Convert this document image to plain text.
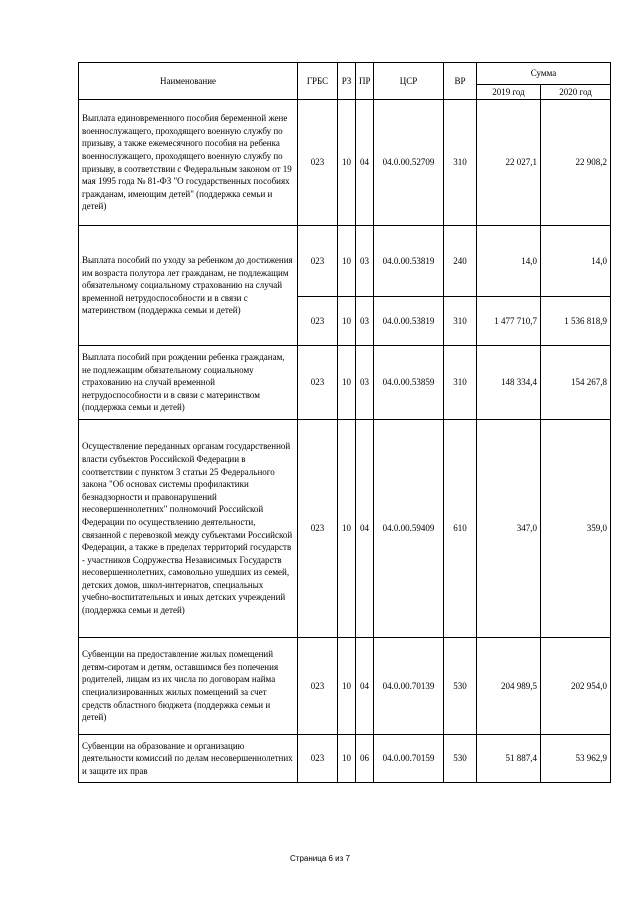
Наименование	ГРБС	РЗ	ПР	ЦСР	ВР	Сумма	
						2019 год	2020 год
Выплата единовременного пособия беременной жене военнослужащего, проходящего военную службу по призыву, а также ежемесячного пособия на ребенка военнослужащего, проходящего военную службу по призыву, в соответствии с Федеральным законом от 19 мая 1995 года № 81-ФЗ "О государственных пособиях гражданам, имеющим детей" (поддержка семьи и детей)	023	10	04	04.0.00.52709	310	22 027,1	22 908,2
Выплата пособий по уходу за ребенком до достижения им возраста полутора лет гражданам, не подлежащим обязательному социальному страхованию на случай временной нетрудоспособности и в связи с материнством (поддержка семьи и детей)	023	10	03	04.0.00.53819	240	14,0	14,0
	023	10	03	04.0.00.53819	310	1 477 710,7	1 536 818,9
Выплата пособий при рождении ребенка гражданам, не подлежащим обязательному социальному страхованию на случай временной нетрудоспособности и в связи с материнством (поддержка семьи и детей)	023	10	03	04.0.00.53859	310	148 334,4	154 267,8
Осуществление переданных органам государственной власти субъектов Российской Федерации в соответствии с пунктом 3 статьи 25 Федерального закона "Об основах системы профилактики безнадзорности и правонарушений несовершеннолетних" полномочий Российской Федерации по осуществлению деятельности, связанной с перевозкой между субъектами Российской Федерации, а также в пределах территорий государств - участников Содружества Независимых Государств несовершеннолетних, самовольно ушедших из семей, детских домов, школ-интернатов, специальных учебно-воспитательных и иных детских учреждений (поддержка семьи и детей)	023	10	04	04.0.00.59409	610	347,0	359,0
Субвенции на предоставление жилых помещений детям-сиротам и детям, оставшимся без попечения родителей, лицам из их числа по договорам найма специализированных жилых помещений за счет средств областного бюджета (поддержка семьи и детей)	023	10	04	04.0.00.70139	530	204 989,5	202 954,0
Субвенции на образование и организацию деятельности комиссий по делам несовершеннолетних и защите их прав	023	10	06	04.0.00.70159	530	51 887,4	53 962,9
Страница 6 из 7
